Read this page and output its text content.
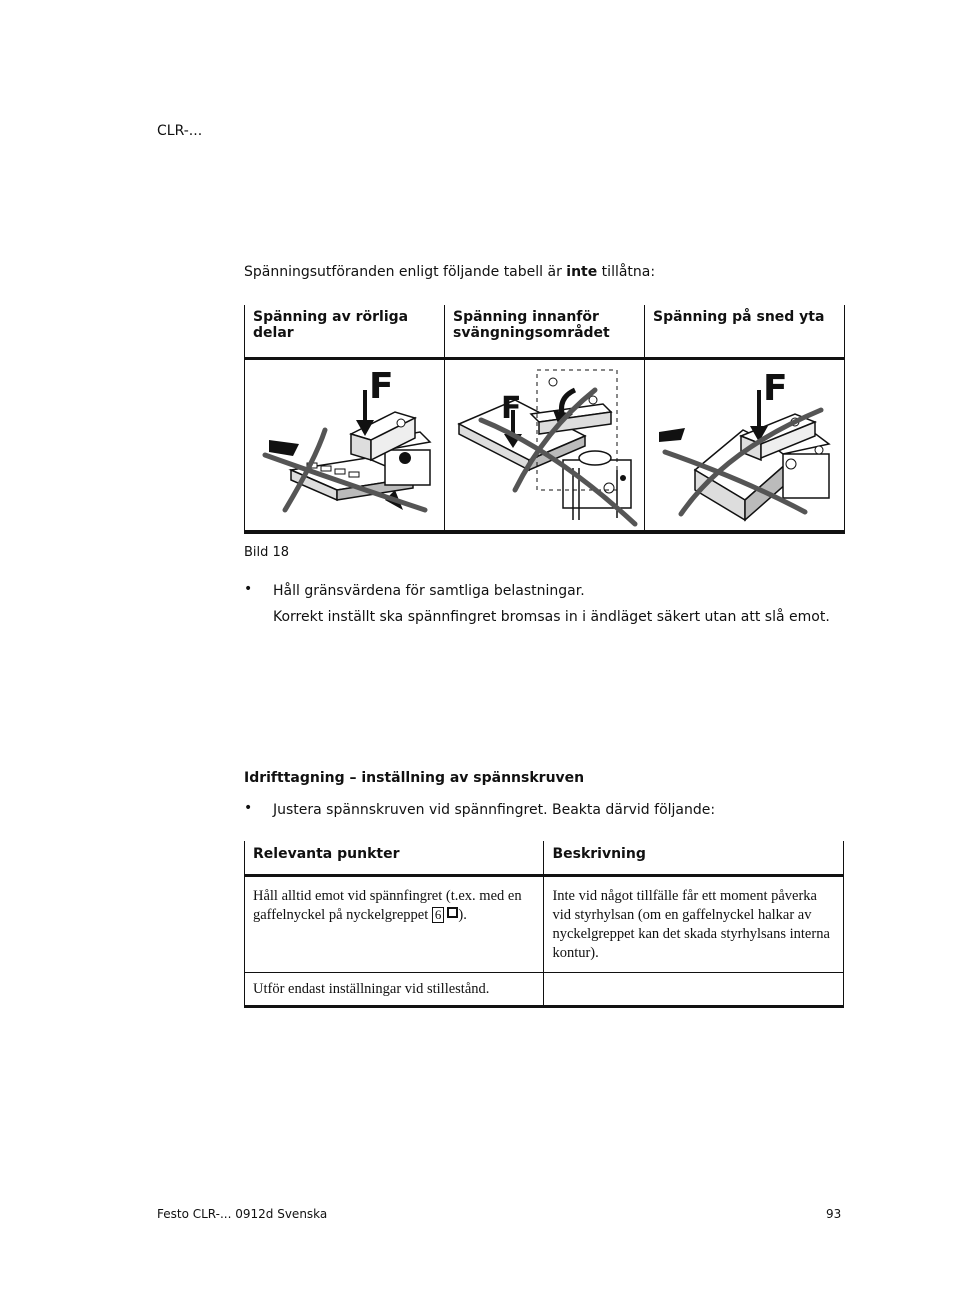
CLR-...
Spänningsutföranden enligt följande tabell är inte tillåtna:
Spänning av rörliga delar	Spänning innanför svängningsområdet	Spänning på sned yta

F	F	F
Bild 18
• Håll gränsvärdena för samtliga belastningar.
Korrekt inställt ska spännfingret bromsas in i ändläget säkert utan att slå emot.
Idrifttagning – inställning av spännskruven
• Justera spännskruven vid spännfingret. Beakta därvid följande:
Relevanta punkter	Beskrivning
Håll alltid emot vid spännfingret (t.ex. med en gaffelnyckel på nyckelgreppet 6 ).	Inte vid något tillfälle får ett moment påverka vid styrhylsan (om en gaffelnyckel halkar av nyckelgreppet kan det skada styrhylsans interna kontur).
Utför endast inställningar vid stillestånd.	
Festo CLR-... 0912d Svenska	93
